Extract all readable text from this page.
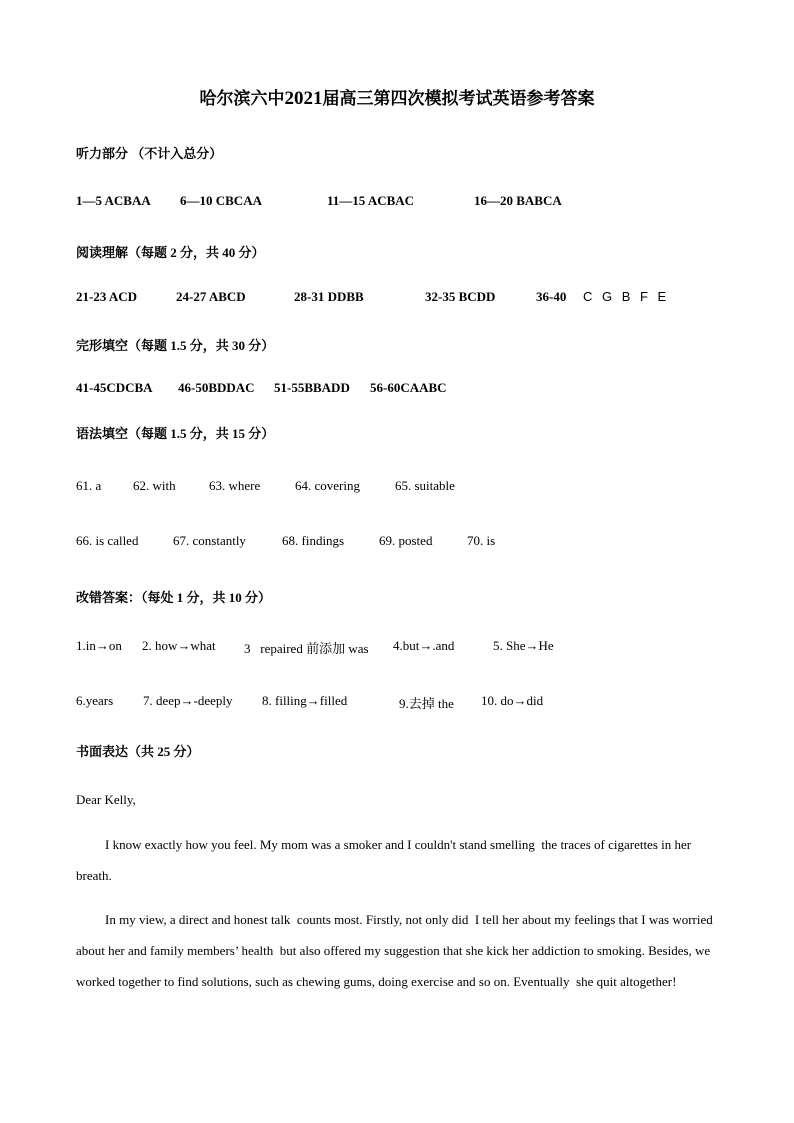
哈尔滨六中2021届高三第四次模拟考试英语参考答案
听力部分 （不计入总分）
1—5 ACBAA 6—10 CBCAA	11—15 ACBAC	16—20 BABCA
阅读理解（每题 2 分，共 40 分）
21-23 ACD	24-27 ABCD	28-31 DDBB	32-35 BCDD	36-40 C G B F E
完形填空（每题 1.5 分，共 30 分）
41-45CDCBA 46-50BDDAC 51-55BBADD 56-60CAABC
语法填空（每题 1.5 分，共 15 分）
61. a 62. with	63. where	64. covering	65. suitable
66. is called	67. constantly	68. findings	69. posted	70. is
改错答案：（每处 1 分，共 10 分）
1.in→on 2. how→what 3   repaired 前添加 was 4.but→.and	5. She→He
6.years 7. deep→-deeply 8. filling→filled	9.去掉 the 10. do→did
书面表达（共 25 分）
Dear Kelly,
I know exactly how you feel. My mom was a smoker and I couldn't stand smelling  the traces of cigarettes in her breath.
In my view, a direct and honest talk  counts most. Firstly, not only did  I tell her about my feelings that I was worried about her and family members’ health  but also offered my suggestion that she kick her addiction to smoking. Besides, we worked together to find solutions, such as chewing gums, doing exercise and so on. Eventually  she quit altogether!
